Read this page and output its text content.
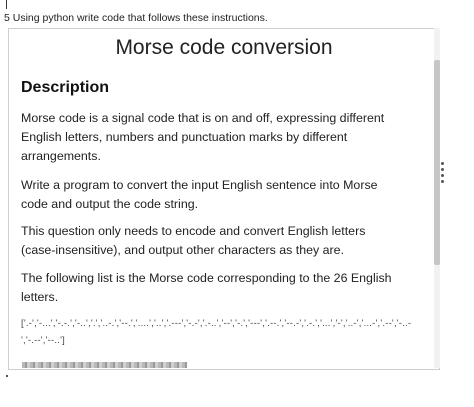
5 Using python write code that follows these instructions.
Morse code conversion
Description
Morse code is a signal code that is on and off, expressing different English letters, numbers and punctuation marks by different arrangements.
Write a program to convert the input English sentence into Morse code and output the code string.
This question only needs to encode and convert English letters (case-insensitive), and output other characters as they are.
The following list is the Morse code corresponding to the 26 English letters.
['.-','-...','-.-.','-..','.','..-.','--.','....','..','.---','-.-','.-..','--','-.','---','.--.','--.-','.-.','...','-','..-','...-','.--','-..-','-.--','--..']
